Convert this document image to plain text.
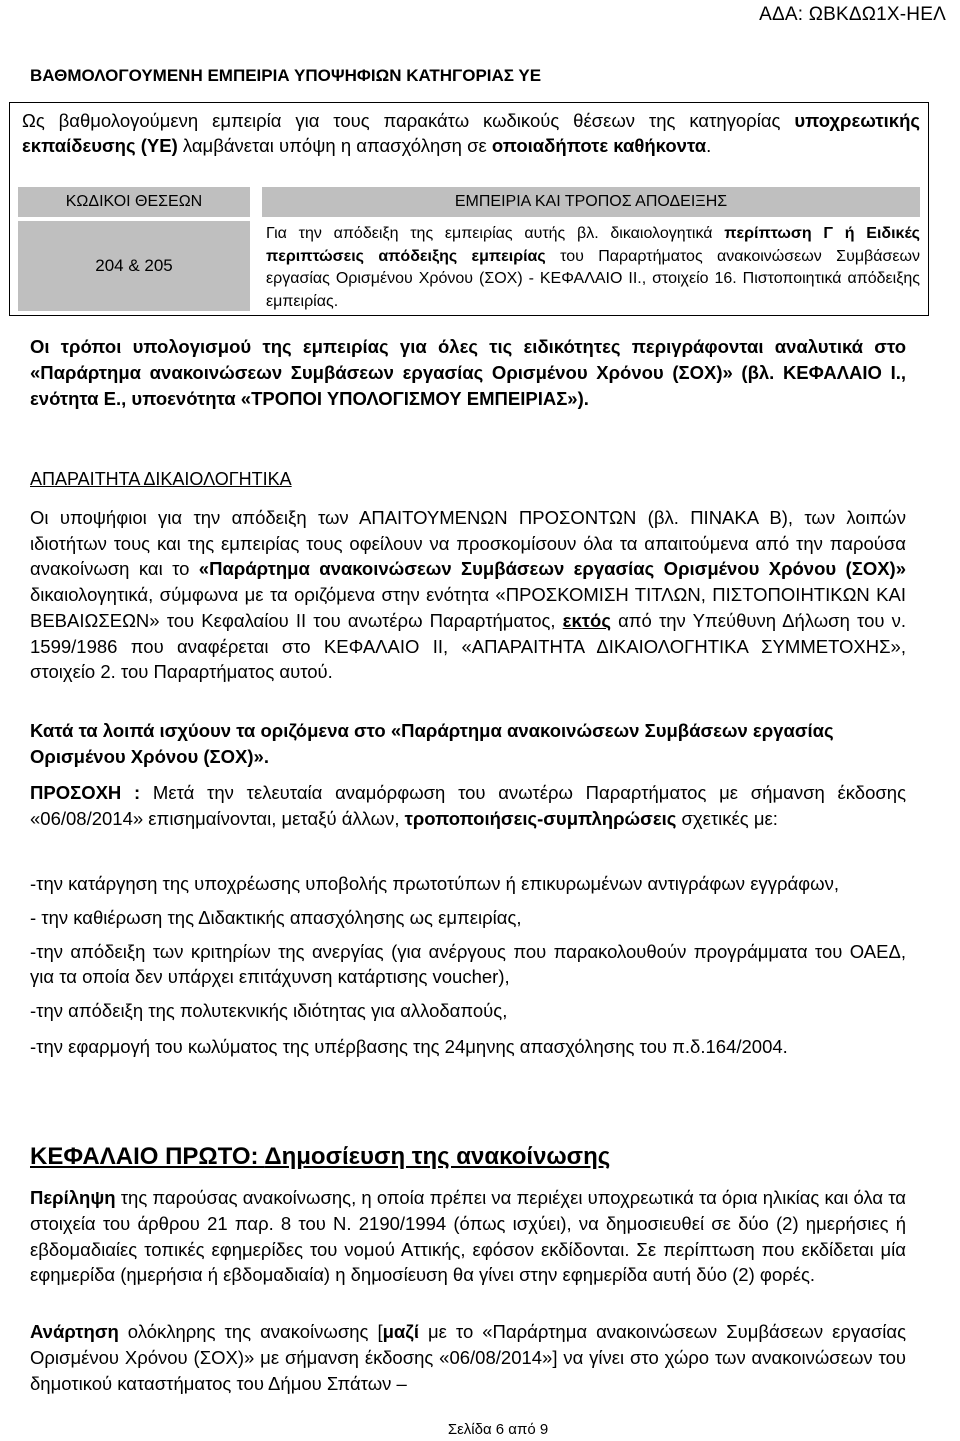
ΑΔΑ: ΩΒΚΔΩ1Χ-ΗΕΛ
ΒΑΘΜΟΛΟΓΟΥΜΕΝΗ ΕΜΠΕΙΡΙΑ ΥΠΟΨΗΦΙΩΝ ΚΑΤΗΓΟΡΙΑΣ ΥΕ

Ως βαθμολογούμενη εμπειρία για τους παρακάτω κωδικούς θέσεων της κατηγορίας υποχρεωτικής εκπαίδευσης (ΥΕ) λαμβάνεται υπόψη η απασχόληση σε οποιαδήποτε καθήκοντα.

ΚΩΔΙΚΟΙ ΘΕΣΕΩΝ	ΕΜΠΕΙΡΙΑ ΚΑΙ ΤΡΟΠΟΣ ΑΠΟΔΕΙΞΗΣ
204 & 205

Για την απόδειξη της εμπειρίας αυτής βλ. δικαιολογητικά περίπτωση Γ ή Ειδικές περιπτώσεις απόδειξης εμπειρίας του Παραρτήματος ανακοινώσεων Συμβάσεων εργασίας Ορισμένου Χρόνου (ΣΟΧ) - ΚΕΦΑΛΑΙΟ ΙΙ., στοιχείο 16. Πιστοποιητικά απόδειξης εμπειρίας.

Οι τρόποι υπολογισμού της εμπειρίας για όλες τις ειδικότητες περιγράφονται αναλυτικά στο «Παράρτημα ανακοινώσεων Συμβάσεων εργασίας Ορισμένου Χρόνου (ΣΟΧ)» (βλ. ΚΕΦΑΛΑΙΟ Ι., ενότητα Ε., υποενότητα «ΤΡΟΠΟΙ ΥΠΟΛΟΓΙΣΜΟΥ ΕΜΠΕΙΡΙΑΣ»).

ΑΠΑΡΑΙΤΗΤΑ ΔΙΚΑΙΟΛΟΓΗΤΙΚΑ

Οι υποψήφιοι για την απόδειξη των ΑΠΑΙΤΟΥΜΕΝΩΝ ΠΡΟΣΟΝΤΩΝ (βλ. ΠΙΝΑΚΑ Β), των λοιπών ιδιοτήτων τους και της εμπειρίας τους οφείλουν να προσκομίσουν όλα τα απαιτούμενα από την παρούσα ανακοίνωση και το «Παράρτημα ανακοινώσεων Συμβάσεων εργασίας Ορισμένου Χρόνου (ΣΟΧ)» δικαιολογητικά, σύμφωνα με τα οριζόμενα στην ενότητα «ΠΡΟΣΚΟΜΙΣΗ ΤΙΤΛΩΝ, ΠΙΣΤΟΠΟΙΗΤΙΚΩΝ ΚΑΙ ΒΕΒΑΙΩΣΕΩΝ» του Κεφαλαίου ΙΙ του ανωτέρω Παραρτήματος, εκτός από την Υπεύθυνη Δήλωση του ν. 1599/1986 που αναφέρεται στο ΚΕΦΑΛΑΙΟ ΙΙ, «ΑΠΑΡΑΙΤΗΤΑ ΔΙΚΑΙΟΛΟΓΗΤΙΚΑ ΣΥΜΜΕΤΟΧΗΣ», στοιχείο 2. του Παραρτήματος αυτού.

Κατά τα λοιπά ισχύουν τα οριζόμενα στο «Παράρτημα ανακοινώσεων Συμβάσεων εργασίας Ορισμένου Χρόνου (ΣΟΧ)».

ΠΡΟΣΟΧΗ : Μετά την τελευταία αναμόρφωση του ανωτέρω Παραρτήματος με σήμανση έκδοσης «06/08/2014» επισημαίνονται, μεταξύ άλλων, τροποποιήσεις-συμπληρώσεις σχετικές με:

-την κατάργηση της υποχρέωσης υποβολής πρωτοτύπων ή επικυρωμένων αντιγράφων εγγράφων,

- την καθιέρωση της Διδακτικής απασχόλησης ως εμπειρίας,

-την απόδειξη των κριτηρίων της ανεργίας (για ανέργους που παρακολουθούν προγράμματα του ΟΑΕΔ, για τα οποία δεν υπάρχει επιτάχυνση κατάρτισης voucher),

-την απόδειξη της πολυτεκνικής ιδιότητας για αλλοδαπούς,

-την εφαρμογή του κωλύματος της υπέρβασης της 24μηνης απασχόλησης του π.δ.164/2004.

ΚΕΦΑΛΑΙΟ ΠΡΩΤΟ: Δημοσίευση της ανακοίνωσης

Περίληψη της παρούσας ανακοίνωσης, η οποία πρέπει να περιέχει υποχρεωτικά τα όρια ηλικίας και όλα τα στοιχεία του άρθρου 21 παρ. 8 του Ν. 2190/1994 (όπως ισχύει), να δημοσιευθεί σε δύο (2) ημερήσιες ή εβδομαδιαίες τοπικές εφημερίδες του νομού Αττικής, εφόσον εκδίδονται. Σε περίπτωση που εκδίδεται μία εφημερίδα (ημερήσια ή εβδομαδιαία) η δημοσίευση θα γίνει στην εφημερίδα αυτή δύο (2) φορές.

Ανάρτηση ολόκληρης της ανακοίνωσης [μαζί με το «Παράρτημα ανακοινώσεων Συμβάσεων εργασίας Ορισμένου Χρόνου (ΣΟΧ)» με σήμανση έκδοσης «06/08/2014»] να γίνει στο χώρο των ανακοινώσεων του δημοτικού καταστήματος του Δήμου Σπάτων –

Σελίδα 6 από 9
